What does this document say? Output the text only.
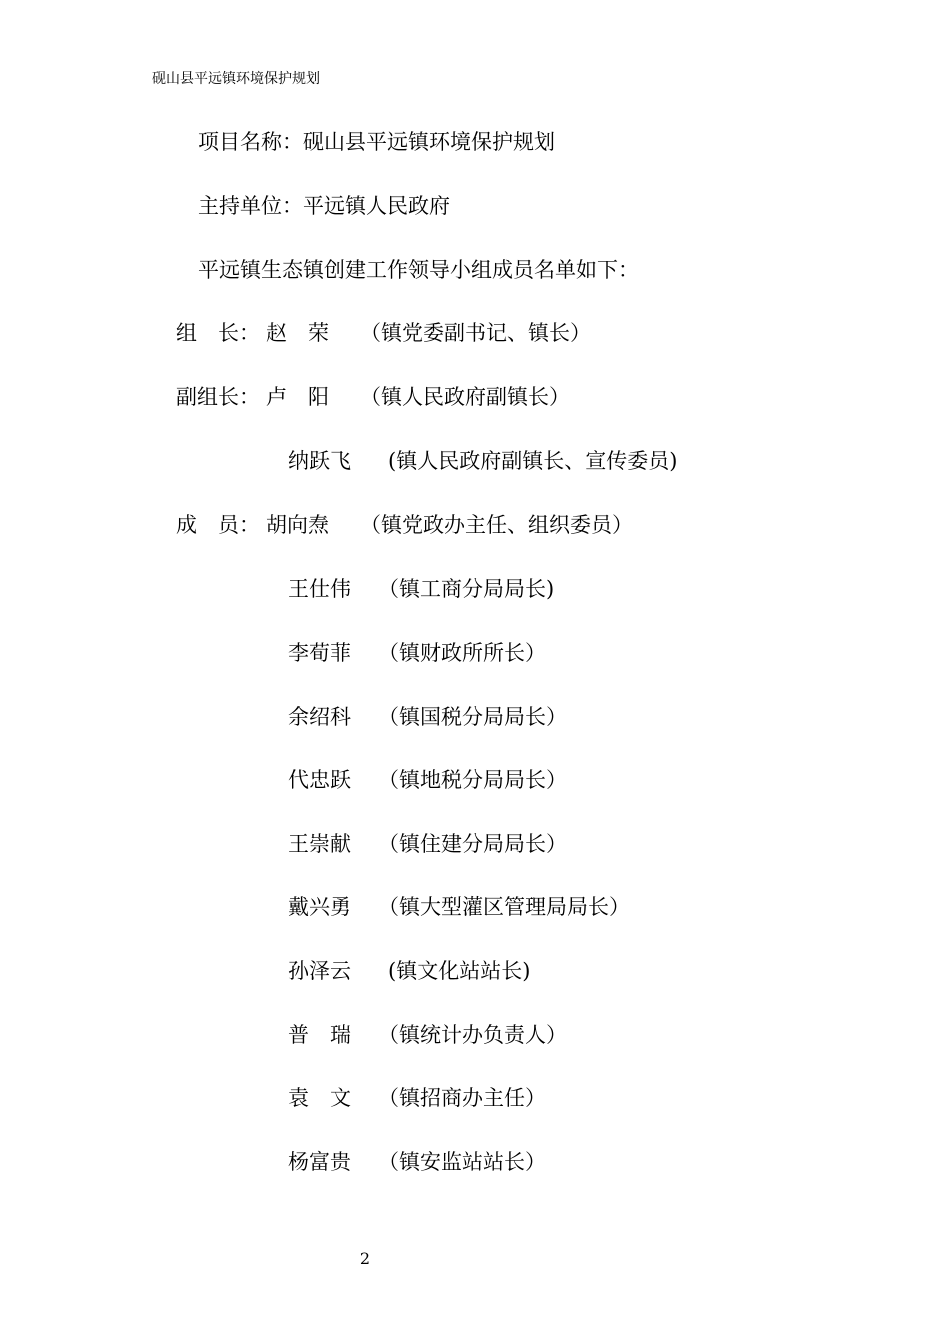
砚山县平远镇环境保护规划
项目名称：砚山县平远镇环境保护规划
主持单位：平远镇人民政府
平远镇生态镇创建工作领导小组成员名单如下：
组　长： 赵　荣 （镇党委副书记、镇长）
副组长： 卢　阳 （镇人民政府副镇长）
纳跃飞 (镇人民政府副镇长、宣传委员)
成　员： 胡向焘 （镇党政办主任、组织委员）
王仕伟 （镇工商分局局长)
李荀菲 （镇财政所所长）
余绍科 （镇国税分局局长）
代忠跃 （镇地税分局局长）
王崇献 （镇住建分局局长）
戴兴勇 （镇大型灌区管理局局长）
孙泽云 (镇文化站站长)
普　瑞 （镇统计办负责人）
袁　文 （镇招商办主任）
杨富贵 （镇安监站站长）
2
